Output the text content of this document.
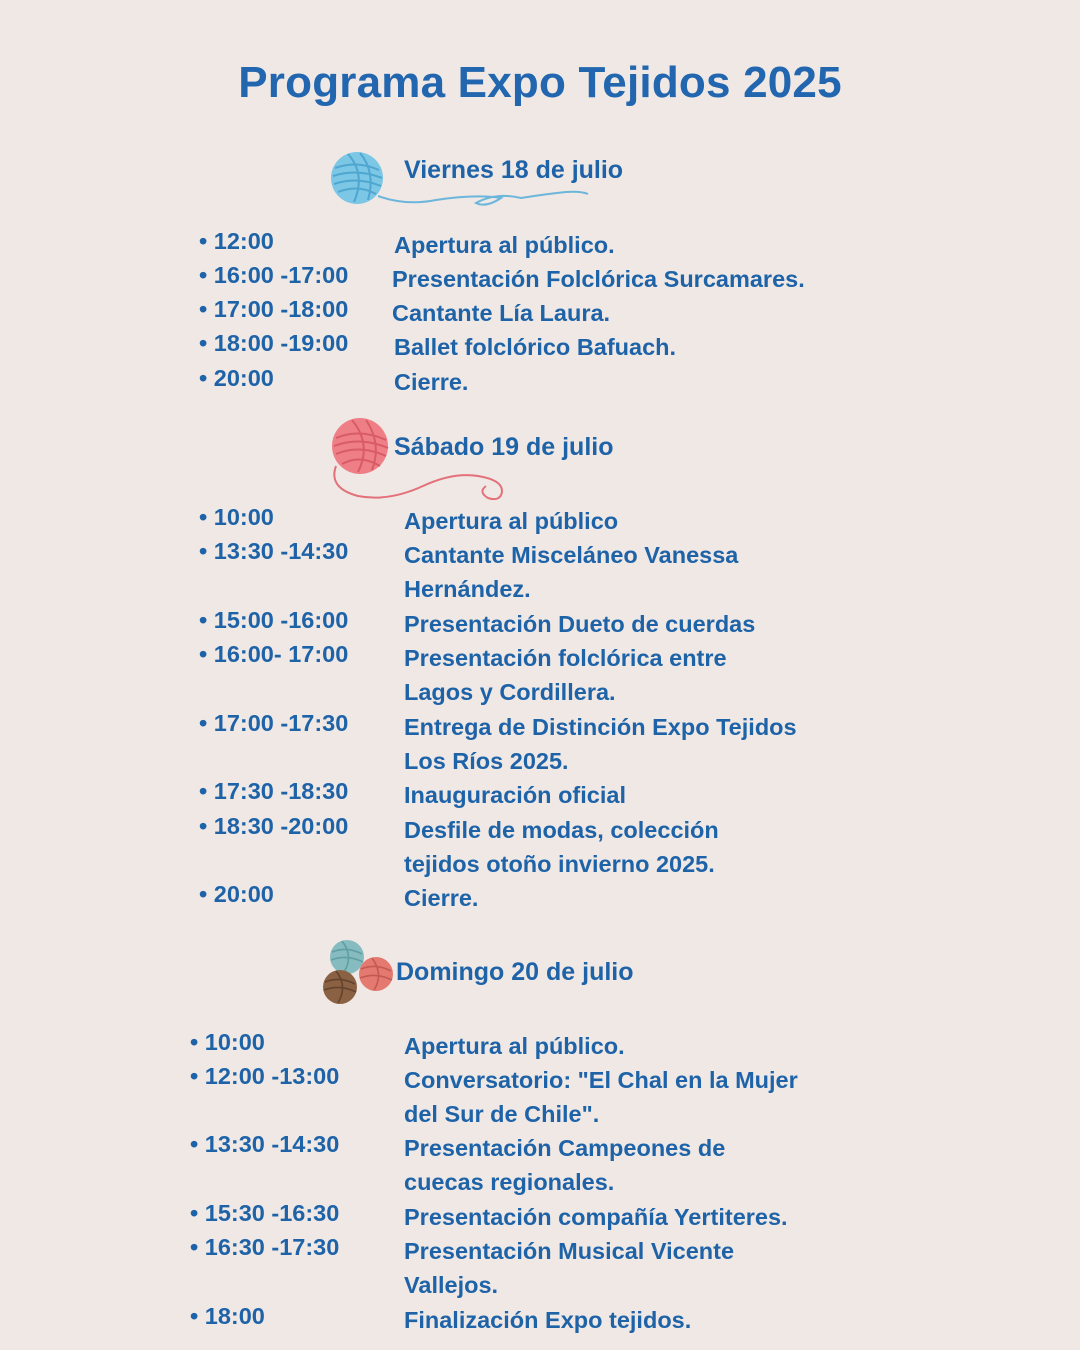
Programa Expo Tejidos 2025
Viernes 18 de julio
• 12:00	Apertura al público.
• 16:00 -17:00 Presentación Folclórica Surcamares.
• 17:00 -18:00 Cantante Lía Laura.
• 18:00 -19:00 Ballet folclórico Bafuach.
• 20:00	Cierre.
Sábado 19 de julio
• 10:00	Apertura al público
• 13:30 -14:30 Cantante Misceláneo Vanessa
Hernández.
• 15:00 -16:00 Presentación Dueto de cuerdas
• 16:00- 17:00 Presentación folclórica entre
Lagos y Cordillera.
• 17:00 -17:30 Entrega de Distinción Expo Tejidos
Los Ríos 2025.
• 17:30 -18:30 Inauguración oficial
• 18:30 -20:00 Desfile de modas, colección
tejidos otoño invierno 2025.
• 20:00	Cierre.
Domingo 20 de julio
• 10:00	Apertura al público.
• 12:00 -13:00	Conversatorio: "El Chal en la Mujer
del Sur de Chile".
• 13:30 -14:30	Presentación Campeones de
cuecas regionales.
• 15:30 -16:30	Presentación compañía Yertiteres.
• 16:30 -17:30	Presentación Musical Vicente
Vallejos.
• 18:00	Finalización Expo tejidos.
